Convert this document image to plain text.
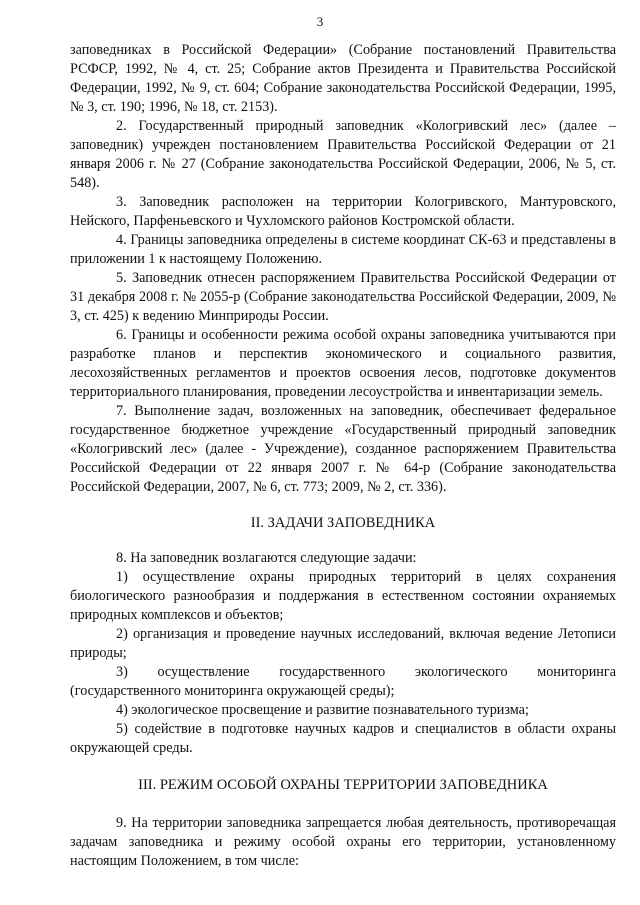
3

заповедниках в Российской Федерации» (Собрание постановлений Правительства РСФСР, 1992, № 4, ст. 25; Собрание актов Президента и Правительства Российской Федерации, 1992, № 9, ст. 604; Собрание законодательства Российской Федерации, 1995, № 3, ст. 190; 1996, № 18, ст. 2153).

2. Государственный природный заповедник «Кологривский лес» (далее – заповедник) учрежден постановлением Правительства Российской Федерации от 21 января 2006 г. № 27 (Собрание законодательства Российской Федерации, 2006, № 5, ст. 548).

3. Заповедник расположен на территории Кологривского, Мантуровского, Нейского, Парфеньевского и Чухломского районов Костромской области.

4. Границы заповедника определены в системе координат СК-63 и представлены в приложении 1 к настоящему Положению.

5. Заповедник отнесен распоряжением Правительства Российской Федерации от 31 декабря 2008 г. № 2055-р (Собрание законодательства Российской Федерации, 2009, № 3, ст. 425) к ведению Минприроды России.

6. Границы и особенности режима особой охраны заповедника учитываются при разработке планов и перспектив экономического и социального развития, лесохозяйственных регламентов и проектов освоения лесов, подготовке документов территориального планирования, проведении лесоустройства и инвентаризации земель.

7. Выполнение задач, возложенных на заповедник, обеспечивает федеральное государственное бюджетное учреждение «Государственный природный заповедник «Кологривский лес» (далее - Учреждение), созданное распоряжением Правительства Российской Федерации от 22 января 2007 г. № 64-р (Собрание законодательства Российской Федерации, 2007, № 6, ст. 773; 2009, № 2, ст. 336).

II. ЗАДАЧИ ЗАПОВЕДНИКА

8. На заповедник возлагаются следующие задачи:

1) осуществление охраны природных территорий в целях сохранения биологического разнообразия и поддержания в естественном состоянии охраняемых природных комплексов и объектов;

2) организация и проведение научных исследований, включая ведение Летописи природы;

3) осуществление государственного экологического мониторинга (государственного мониторинга окружающей среды);

4) экологическое просвещение и развитие познавательного туризма;

5) содействие в подготовке научных кадров и специалистов в области охраны окружающей среды.

III. РЕЖИМ ОСОБОЙ ОХРАНЫ ТЕРРИТОРИИ ЗАПОВЕДНИКА

9. На территории заповедника запрещается любая деятельность, противоречащая задачам заповедника и режиму особой охраны его территории, установленному настоящим Положением, в том числе:
